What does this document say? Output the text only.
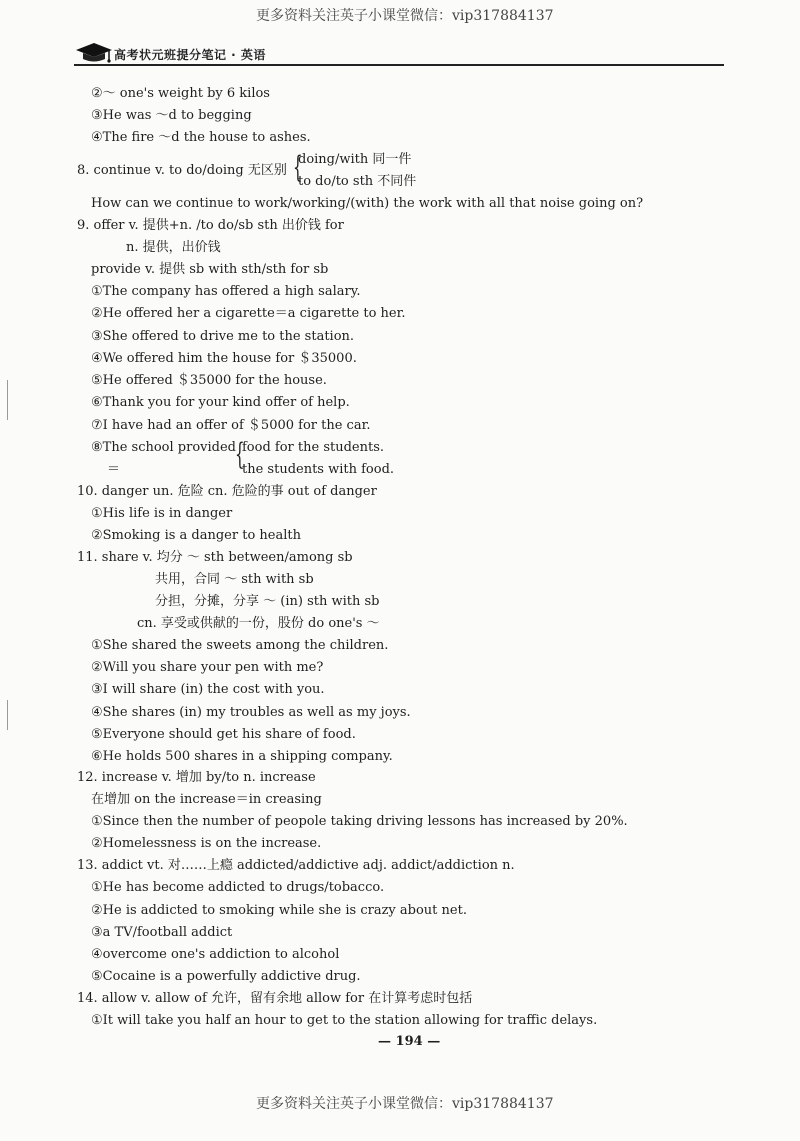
更多资料关注英子小课堂微信：vip317884137
高考状元班提分笔记 · 英语
②～ one's weight by 6 kilos
③He was ～d to begging
④The fire ～d the house to ashes.
8. continue v. to do/doing 无区别 {
doing/with 同一件
to do/to sth 不同件
How can we continue to work/working/(with) the work with all that noise going on?
9. offer v. 提供+n. /to do/sb sth 出价钱 for
n. 提供，出价钱
provide v. 提供 sb with sth/sth for sb
①The company has offered a high salary.
②He offered her a cigarette＝a cigarette to her.
③She offered to drive me to the station.
④We offered him the house for ＄35000.
⑤He offered ＄35000 for the house.
⑥Thank you for your kind offer of help.
⑦I have had an offer of ＄5000 for the car.
⑧The school provided {
food for the students.
＝	the students with food.
10. danger un. 危险 cn. 危险的事 out of danger
①His life is in danger
②Smoking is a danger to health
11. share v. 均分 ～ sth between/among sb
共用，合同 ～ sth with sb
分担，分摊，分享 ～ (in) sth with sb
cn. 享受或供献的一份，股份 do one's ～
①She shared the sweets among the children.
②Will you share your pen with me?
③I will share (in) the cost with you.
④She shares (in) my troubles as well as my joys.
⑤Everyone should get his share of food.
⑥He holds 500 shares in a shipping company.
12. increase v. 增加 by/to n. increase
在增加 on the increase＝in creasing
①Since then the number of peopole taking driving lessons has increased by 20%.
②Homelessness is on the increase.
13. addict vt. 对……上瘾 addicted/addictive adj. addict/addiction n.
①He has become addicted to drugs/tobacco.
②He is addicted to smoking while she is crazy about net.
③a TV/football addict
④overcome one's addiction to alcohol
⑤Cocaine is a powerfully addictive drug.
14. allow v. allow of 允许，留有余地 allow for 在计算考虑时包括
①It will take you half an hour to get to the station allowing for traffic delays.
— 194 —
更多资料关注英子小课堂微信：vip317884137
